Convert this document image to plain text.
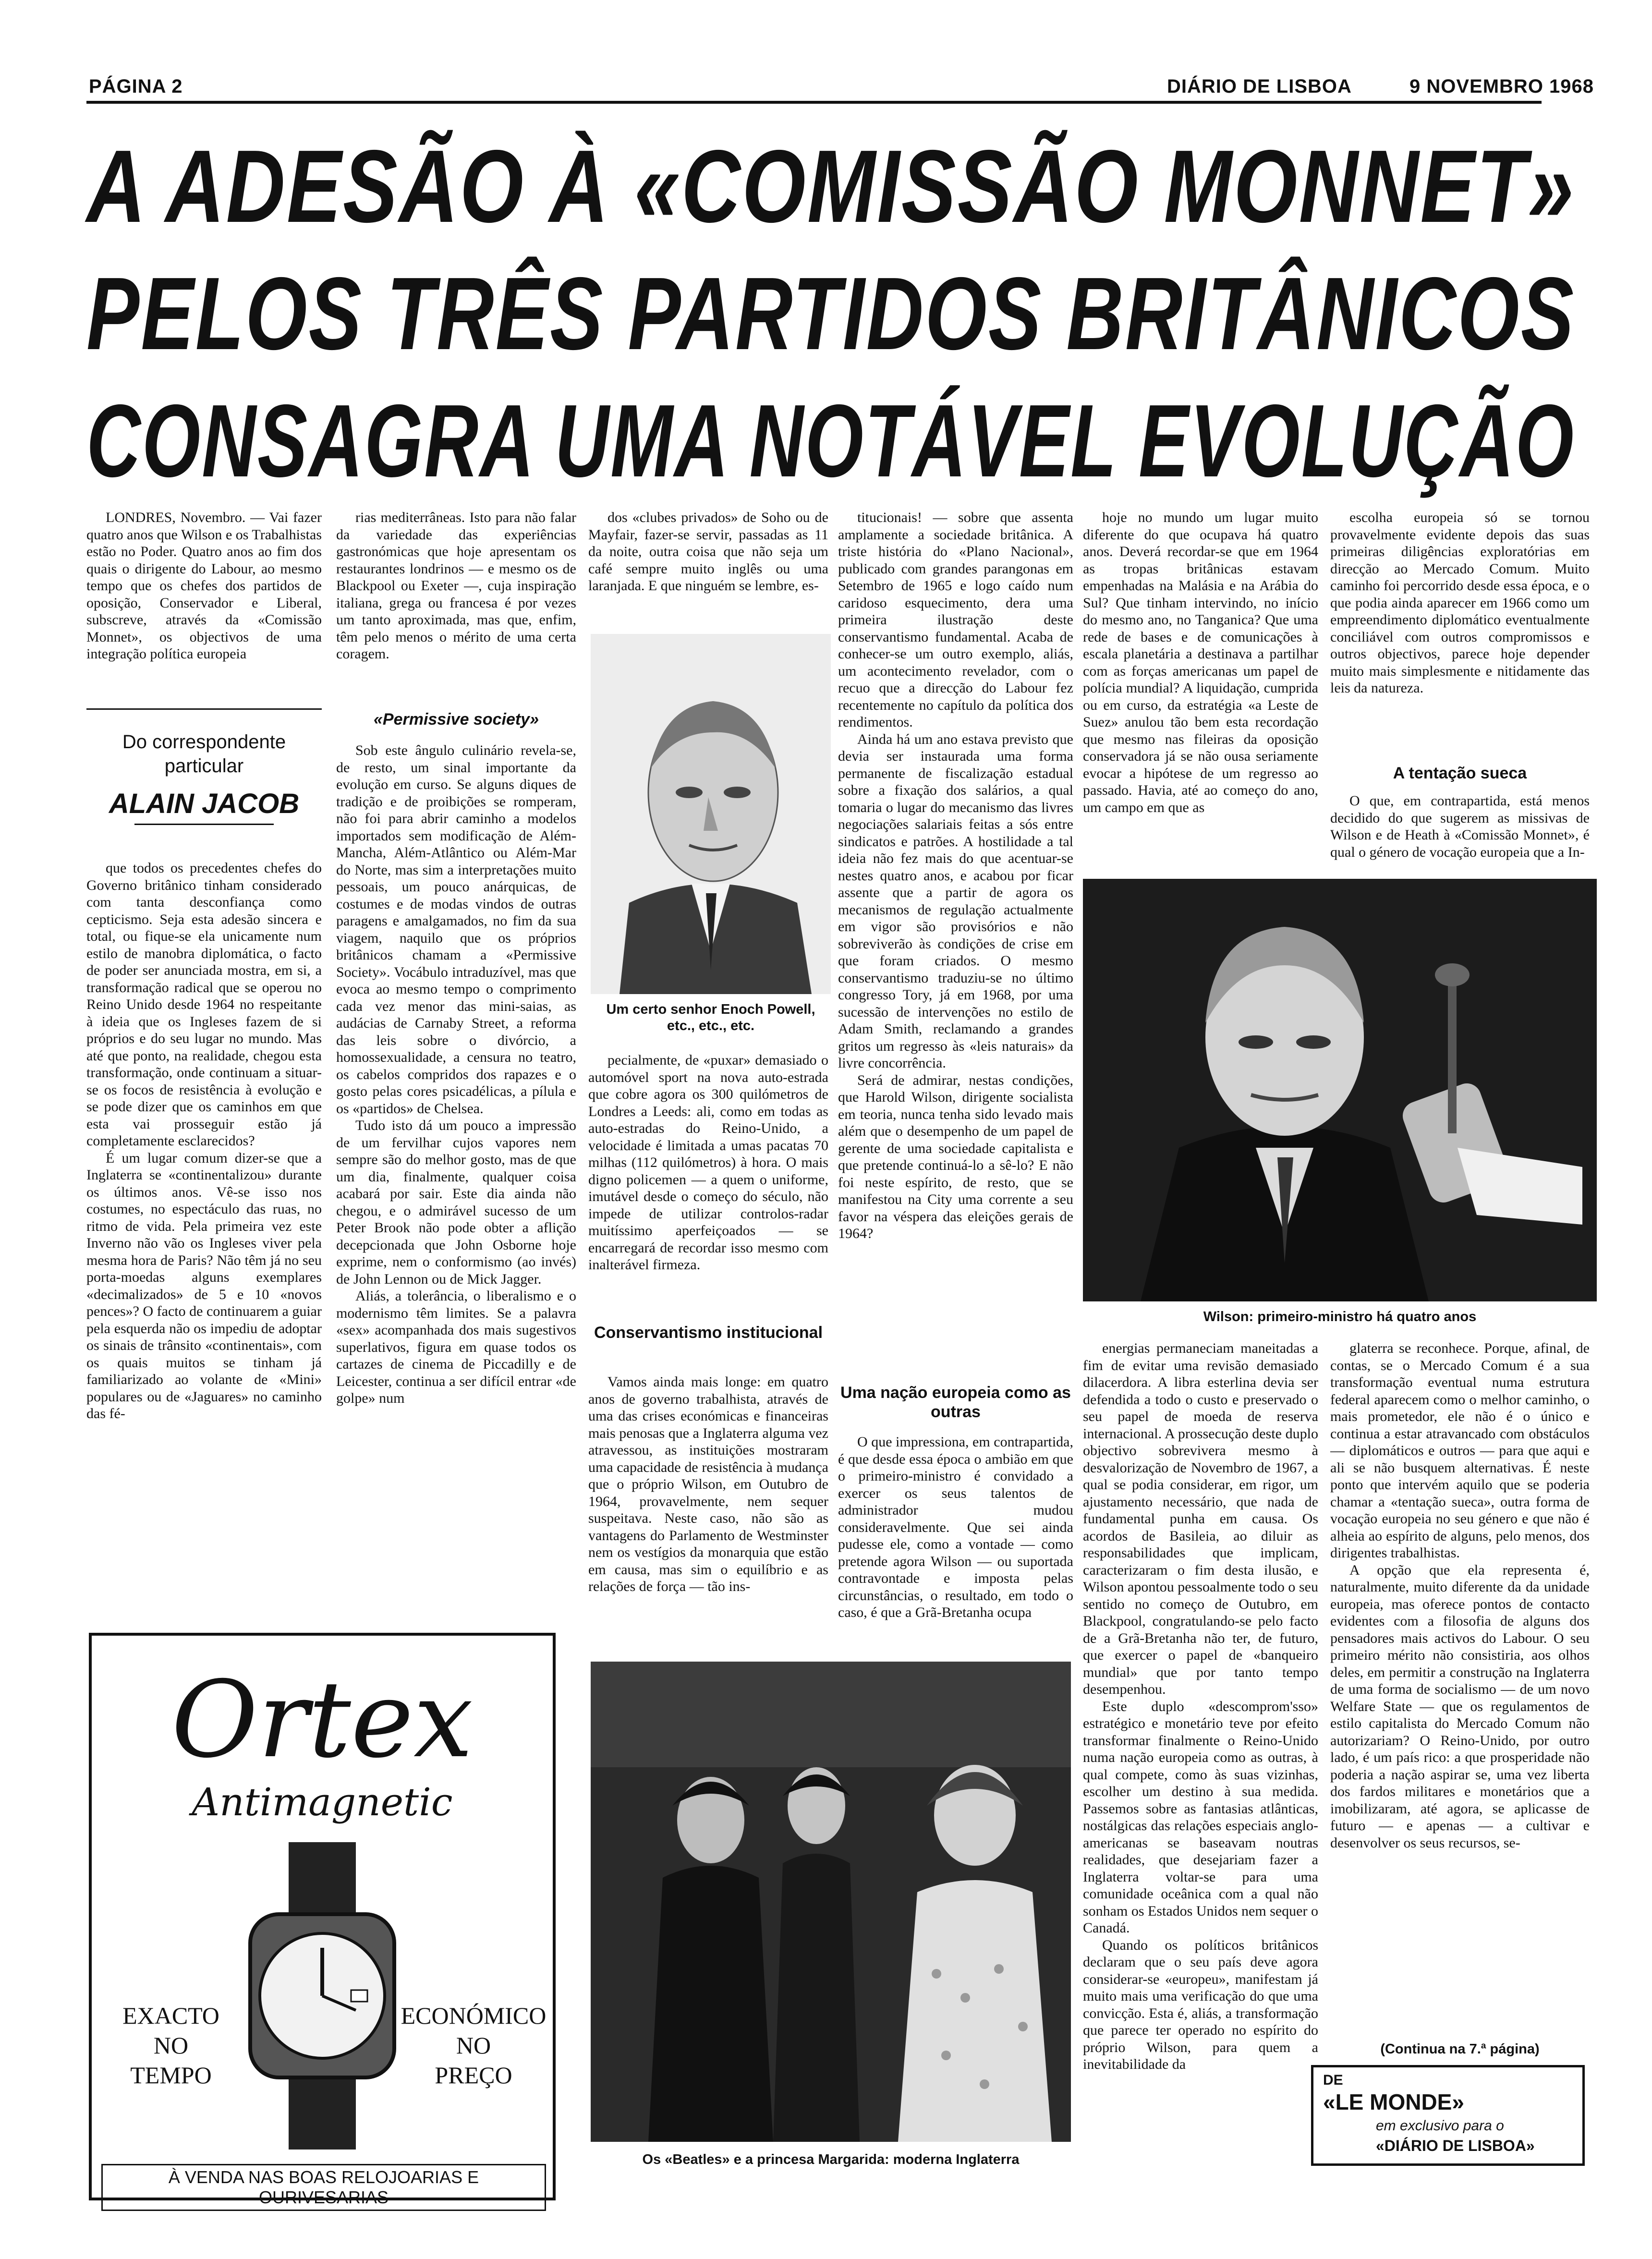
PÁGINA 2	DIÁRIO DE LISBOA	9 NOVEMBRO 1968
A ADESÃO À «COMISSÃO MONNET»
PELOS TRÊS PARTIDOS BRITÂNICOS
CONSAGRA UMA NOTÁVEL EVOLUÇÃO

LONDRES, Novembro. — Vai fazer quatro anos que Wilson e os Trabalhistas estão no Poder. Quatro anos ao fim dos quais o dirigente do Labour, ao mesmo tempo que os chefes dos partidos de oposição, Conservador e Liberal, subscreve, através da «Comissão Monnet», os objectivos de uma integração política europeia

Do correspondente particular
ALAIN JACOB

que todos os precedentes chefes do Governo britânico tinham considerado com tanta desconfiança como cepticismo. Seja esta adesão sincera e total, ou fique-se ela unicamente num estilo de manobra diplomática, o facto de poder ser anunciada mostra, em si, a transformação radical que se operou no Reino Unido desde 1964 no respeitante à ideia que os Ingleses fazem de si próprios e do seu lugar no mundo. Mas até que ponto, na realidade, chegou esta transformação, onde continuam a situar-se os focos de resistência à evolução e se pode dizer que os caminhos em que esta vai prosseguir estão já completamente esclarecidos?

É um lugar comum dizer-se que a Inglaterra se «continentalizou» durante os últimos anos. Vê-se isso nos costumes, no espectáculo das ruas, no ritmo de vida. Pela primeira vez este Inverno não vão os Ingleses viver pela mesma hora de Paris? Não têm já no seu porta-moedas alguns exemplares «decimalizados» de 5 e 10 «novos pences»? O facto de continuarem a guiar pela esquerda não os impediu de adoptar os sinais de trânsito «continentais», com os quais muitos se tinham já familiarizado ao volante de «Mini» populares ou de «Jaguares» no caminho das fé-

rias mediterrâneas. Isto para não falar da variedade das experiências gastronómicas que hoje apresentam os restaurantes londrinos — e mesmo os de Blackpool ou Exeter —, cuja inspiração italiana, grega ou francesa é por vezes um tanto aproximada, mas que, enfim, têm pelo menos o mérito de uma certa coragem.

«Permissive society»

Sob este ângulo culinário revela-se, de resto, um sinal importante da evolução em curso. Se alguns diques de tradição e de proibições se romperam, não foi para abrir caminho a modelos importados sem modificação de Além-Mancha, Além-Atlântico ou Além-Mar do Norte, mas sim a interpretações muito pessoais, um pouco anárquicas, de costumes e de modas vindos de outras paragens e amalgamados, no fim da sua viagem, naquilo que os próprios britânicos chamam a «Permissive Society». Vocábulo intraduzível, mas que evoca ao mesmo tempo o comprimento cada vez menor das mini-saias, as audácias de Carnaby Street, a reforma das leis sobre o divórcio, a homossexualidade, a censura no teatro, os cabelos compridos dos rapazes e o gosto pelas cores psicadélicas, a pílula e os «partidos» de Chelsea.

Tudo isto dá um pouco a impressão de um fervilhar cujos vapores nem sempre são do melhor gosto, mas de que um dia, finalmente, qualquer coisa acabará por sair. Este dia ainda não chegou, e o admirável sucesso de um Peter Brook não pode obter a aflição decepcionada que John Osborne hoje exprime, nem o conformismo (ao invés) de John Lennon ou de Mick Jagger.

Aliás, a tolerância, o liberalismo e o modernismo têm limites. Se a palavra «sex» acompanhada dos mais sugestivos superlativos, figura em quase todos os cartazes de cinema de Piccadilly e de Leicester, continua a ser difícil entrar «de golpe» num

dos «clubes privados» de Soho ou de Mayfair, fazer-se servir, passadas as 11 da noite, outra coisa que não seja um café sempre muito inglês ou uma laranjada. E que ninguém se lembre, es-

Um certo senhor Enoch Powell, etc., etc., etc.

pecialmente, de «puxar» demasiado o automóvel sport na nova auto-estrada que cobre agora os 300 quilómetros de Londres a Leeds: ali, como em todas as auto-estradas do Reino-Unido, a velocidade é limitada a umas pacatas 70 milhas (112 quilómetros) à hora. O mais digno policemen — a quem o uniforme, imutável desde o começo do século, não impede de utilizar controlos-radar muitíssimo aperfeiçoados — se encarregará de recordar isso mesmo com inalterável firmeza.

Conservantismo institucional

Vamos ainda mais longe: em quatro anos de governo trabalhista, através de uma das crises económicas e financeiras mais penosas que a Inglaterra alguma vez atravessou, as instituições mostraram uma capacidade de resistência à mudança que o próprio Wilson, em Outubro de 1964, provavelmente, nem sequer suspeitava. Neste caso, não são as vantagens do Parlamento de Westminster nem os vestígios da monarquia que estão em causa, mas sim o equilíbrio e as relações de força — tão ins-

titucionais! — sobre que assenta amplamente a sociedade britânica. A triste história do «Plano Nacional», publicado com grandes parangonas em Setembro de 1965 e logo caído num caridoso esquecimento, dera uma primeira ilustração deste conservantismo fundamental. Acaba de conhecer-se um outro exemplo, aliás, um acontecimento revelador, com o recuo que a direcção do Labour fez recentemente no capítulo da política dos rendimentos.

Ainda há um ano estava previsto que devia ser instaurada uma forma permanente de fiscalização estadual sobre a fixação dos salários, a qual tomaria o lugar do mecanismo das livres negociações salariais feitas a sós entre sindicatos e patrões. A hostilidade a tal ideia não fez mais do que acentuar-se nestes quatro anos, e acabou por ficar assente que a partir de agora os mecanismos de regulação actualmente em vigor são provisórios e não sobreviverão às condições de crise em que foram criados. O mesmo conservantismo traduziu-se no último congresso Tory, já em 1968, por uma sucessão de intervenções no estilo de Adam Smith, reclamando a grandes gritos um regresso às «leis naturais» da livre concorrência.

Será de admirar, nestas condições, que Harold Wilson, dirigente socialista em teoria, nunca tenha sido levado mais além que o desempenho de um papel de gerente de uma sociedade capitalista e que pretende continuá-lo a sê-lo? E não foi neste espírito, de resto, que se manifestou na City uma corrente a seu favor na véspera das eleições gerais de 1964?

Uma nação europeia como as outras

O que impressiona, em contrapartida, é que desde essa época o ambião em que o primeiro-ministro é convidado a exercer os seus talentos de administrador mudou consideravelmente. Que sei ainda pudesse ele, como a vontade — como pretende agora Wilson — ou suportada contravontade e imposta pelas circunstâncias, o resultado, em todo o caso, é que a Grã-Bretanha ocupa

hoje no mundo um lugar muito diferente do que ocupava há quatro anos. Deverá recordar-se que em 1964 as tropas britânicas estavam empenhadas na Malásia e na Arábia do Sul? Que tinham intervindo, no início do mesmo ano, no Tanganica? Que uma rede de bases e de comunicações à escala planetária a destinava a partilhar com as forças americanas um papel de polícia mundial? A liquidação, cumprida ou em curso, da estratégia «a Leste de Suez» anulou tão bem esta recordação que mesmo nas fileiras da oposição conservadora já se não ousa seriamente evocar a hipótese de um regresso ao passado. Havia, até ao começo do ano, um campo em que as

Wilson: primeiro-ministro há quatro anos

escolha europeia só se tornou provavelmente evidente depois das suas primeiras diligências exploratórias em direcção ao Mercado Comum. Muito caminho foi percorrido desde essa época, e o que podia ainda aparecer em 1966 como um empreendimento diplomático eventualmente conciliável com outros compromissos e outros objectivos, parece hoje depender muito mais simplesmente e nitidamente das leis da natureza.

A tentação sueca

O que, em contrapartida, está menos decidido do que sugerem as missivas de Wilson e de Heath à «Comissão Monnet», é qual o género de vocação europeia que a In-

energias permaneciam maneitadas a fim de evitar uma revisão demasiado dilacerdora. A libra esterlina devia ser defendida a todo o custo e preservado o seu papel de moeda de reserva internacional. A prossecução deste duplo objectivo sobrevivera mesmo à desvalorização de Novembro de 1967, a qual se podia considerar, em rigor, um ajustamento necessário, que nada de fundamental punha em causa. Os acordos de Basileia, ao diluir as responsabilidades que implicam, caracterizaram o fim desta ilusão, e Wilson apontou pessoalmente todo o seu sentido no começo de Outubro, em Blackpool, congratulando-se pelo facto de a Grã-Bretanha não ter, de futuro, que exercer o papel de «banqueiro mundial» que por tanto tempo desempenhou.

Este duplo «descomprom'sso» estratégico e monetário teve por efeito transformar finalmente o Reino-Unido numa nação europeia como as outras, à qual compete, como às suas vizinhas, escolher um destino à sua medida. Passemos sobre as fantasias atlânticas, nostálgicas das relações especiais anglo-americanas se baseavam noutras realidades, que desejariam fazer a Inglaterra voltar-se para uma comunidade oceânica com a qual não sonham os Estados Unidos nem sequer o Canadá.

Quando os políticos britânicos declaram que o seu país deve agora considerar-se «europeu», manifestam já muito mais uma verificação do que uma convicção. Esta é, aliás, a transformação que parece ter operado no espírito do próprio Wilson, para quem a inevitabilidade da

glaterra se reconhece. Porque, afinal, de contas, se o Mercado Comum é a sua transformação eventual numa estrutura federal aparecem como o melhor caminho, o mais prometedor, ele não é o único e continua a estar atravancado com obstáculos — diplomáticos e outros — para que aqui e ali se não busquem alternativas. É neste ponto que intervém aquilo que se poderia chamar a «tentação sueca», outra forma de vocação europeia no seu género e que não é alheia ao espírito de alguns, pelo menos, dos dirigentes trabalhistas.

A opção que ela representa é, naturalmente, muito diferente da da unidade europeia, mas oferece pontos de contacto evidentes com a filosofia de alguns dos pensadores mais activos do Labour. O seu primeiro mérito não consistiria, aos olhos deles, em permitir a construção na Inglaterra de uma forma de socialismo — de um novo Welfare State — que os regulamentos de estilo capitalista do Mercado Comum não autorizariam? O Reino-Unido, por outro lado, é um país rico: a que prosperidade não poderia a nação aspirar se, uma vez liberta dos fardos militares e monetários que a imobilizaram, até agora, se aplicasse de futuro — e apenas — a cultivar e desenvolver os seus recursos, se-

(Continua na 7.ª página)
Ortex
Antimagnetic
EXACTO
NO
TEMPO
ECONÓMICO
NO
PREÇO
À VENDA NAS BOAS RELOJOARIAS E OURIVESARIAS
Os «Beatles» e a princesa Margarida: moderna Inglaterra
DE
«LE MONDE»
em exclusivo para o
«DIÁRIO DE LISBOA»
